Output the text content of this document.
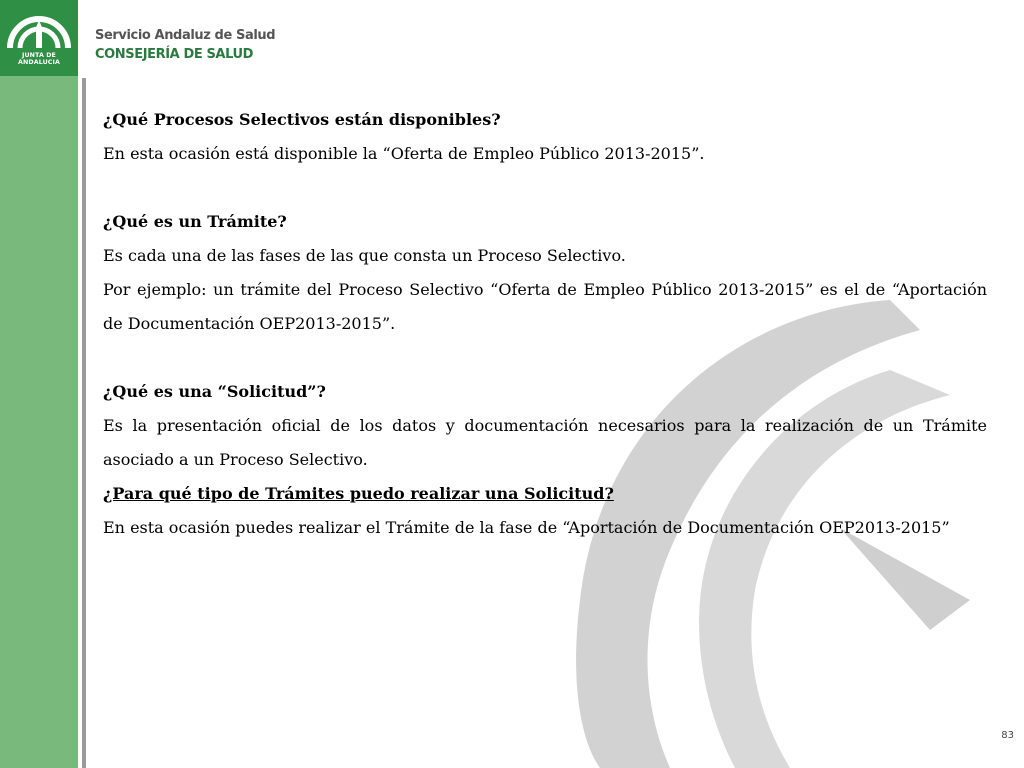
JUNTA DE ANDALUCIA
Servicio Andaluz de Salud
CONSEJERÍA DE SALUD

¿Qué Procesos Selectivos están disponibles?

En esta ocasión está disponible la “Oferta de Empleo Público 2013-2015”.

¿Qué es un Trámite?

Es cada una de las fases de las que consta un Proceso Selectivo.

Por ejemplo: un trámite del Proceso Selectivo “Oferta de Empleo Público 2013-2015” es el de “Aportación de Documentación OEP2013-2015”.

¿Qué es una “Solicitud”?

Es la presentación oficial de los datos y documentación necesarios para la realización de un Trámite asociado a un Proceso Selectivo.

¿Para qué tipo de Trámites puedo realizar una Solicitud?

En esta ocasión puedes realizar el Trámite de la fase de “Aportación de Documentación OEP2013-2015”

83
